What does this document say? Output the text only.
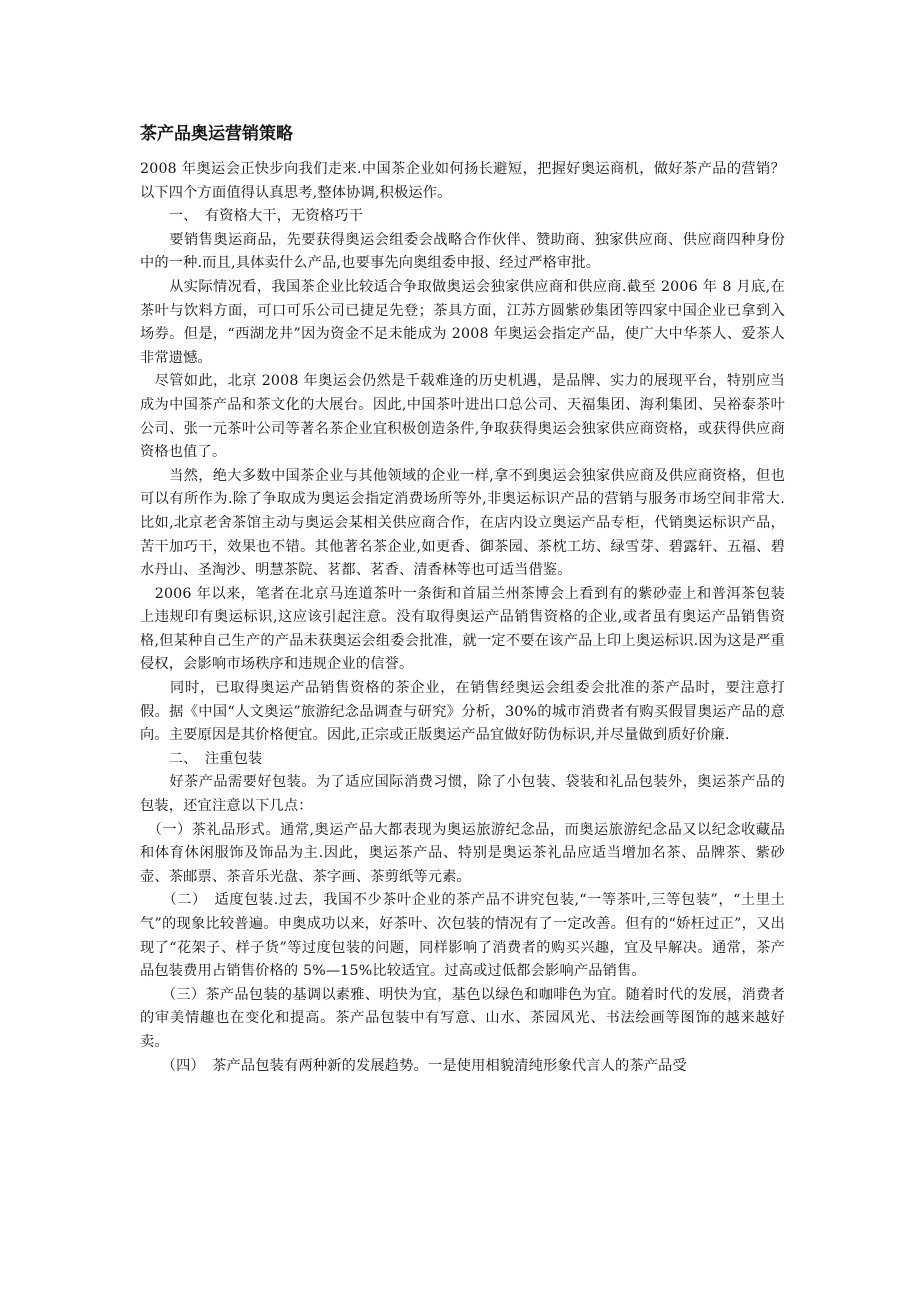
茶产品奥运营销策略

2008 年奥运会正快步向我们走来.中国茶企业如何扬长避短，把握好奥运商机，做好茶产品的营销？以下四个方面值得认真思考,整体协调,积极运作。

　　一、　有资格大干，无资格巧干

　　要销售奥运商品，先要获得奥运会组委会战略合作伙伴、赞助商、独家供应商、供应商四种身份中的一种.而且,具体卖什么产品,也要事先向奥组委申报、经过严格审批。

　　从实际情况看，我国茶企业比较适合争取做奥运会独家供应商和供应商.截至 2006 年 8 月底,在茶叶与饮料方面，可口可乐公司已捷足先登；茶具方面，江苏方圆紫砂集团等四家中国企业已拿到入场券。但是，“西湖龙井”因为资金不足未能成为 2008 年奥运会指定产品，使广大中华茶人、爱茶人非常遗憾。

　尽管如此，北京 2008 年奥运会仍然是千载难逢的历史机遇，是品牌、实力的展现平台，特别应当成为中国茶产品和茶文化的大展台。因此,中国茶叶进出口总公司、天福集团、海利集团、吴裕泰茶叶公司、张一元茶叶公司等著名茶企业宜积极创造条件,争取获得奥运会独家供应商资格，或获得供应商资格也值了。

　　当然，绝大多数中国茶企业与其他领域的企业一样,拿不到奥运会独家供应商及供应商资格，但也可以有所作为.除了争取成为奥运会指定消费场所等外,非奥运标识产品的营销与服务市场空间非常大.比如,北京老舍茶馆主动与奥运会某相关供应商合作，在店内设立奥运产品专柜，代销奥运标识产品，苦干加巧干，效果也不错。其他著名茶企业,如更香、御茶园、茶枕工坊、绿雪芽、碧露轩、五福、碧水丹山、圣淘沙、明慧茶院、茗都、茗香、清香林等也可适当借鉴。

　2006 年以来，笔者在北京马连道茶叶一条街和首届兰州茶博会上看到有的紫砂壶上和普洱茶包装上违规印有奥运标识,这应该引起注意。没有取得奥运产品销售资格的企业,或者虽有奥运产品销售资格,但某种自己生产的产品未获奥运会组委会批准，就一定不要在该产品上印上奥运标识.因为这是严重侵权，会影响市场秩序和违规企业的信誉。

　　同时，已取得奥运产品销售资格的茶企业，在销售经奥运会组委会批准的茶产品时，要注意打假。据《中国“人文奥运”旅游纪念品调查与研究》分析，30%的城市消费者有购买假冒奥运产品的意向。主要原因是其价格便宜。因此,正宗或正版奥运产品宜做好防伪标识,并尽量做到质好价廉.

　　二、　注重包装

　　好茶产品需要好包装。为了适应国际消费习惯，除了小包装、袋装和礼品包装外，奥运茶产品的包装，还宜注意以下几点：

　（一）茶礼品形式。通常,奥运产品大都表现为奥运旅游纪念品，而奥运旅游纪念品又以纪念收藏品和体育休闲服饰及饰品为主.因此，奥运茶产品、特别是奥运茶礼品应适当增加名茶、品牌茶、紫砂壶、茶邮票、茶音乐光盘、茶字画、茶剪纸等元素。

　　（二）　适度包装.过去，我国不少茶叶企业的茶产品不讲究包装,“一等茶叶,三等包装”，“土里土气”的现象比较普遍。申奥成功以来，好茶叶、次包装的情况有了一定改善。但有的“娇枉过正”，又出现了“花架子、样子货”等过度包装的问题，同样影响了消费者的购买兴趣，宜及早解决。通常，茶产品包装费用占销售价格的 5%—15%比较适宜。过高或过低都会影响产品销售。

　　（三）茶产品包装的基调以素雅、明快为宜，基色以绿色和咖啡色为宜。随着时代的发展，消费者的审美情趣也在变化和提高。茶产品包装中有写意、山水、茶园风光、书法绘画等图饰的越来越好卖。

　　（四）　茶产品包装有两种新的发展趋势。一是使用相貌清纯形象代言人的茶产品受
